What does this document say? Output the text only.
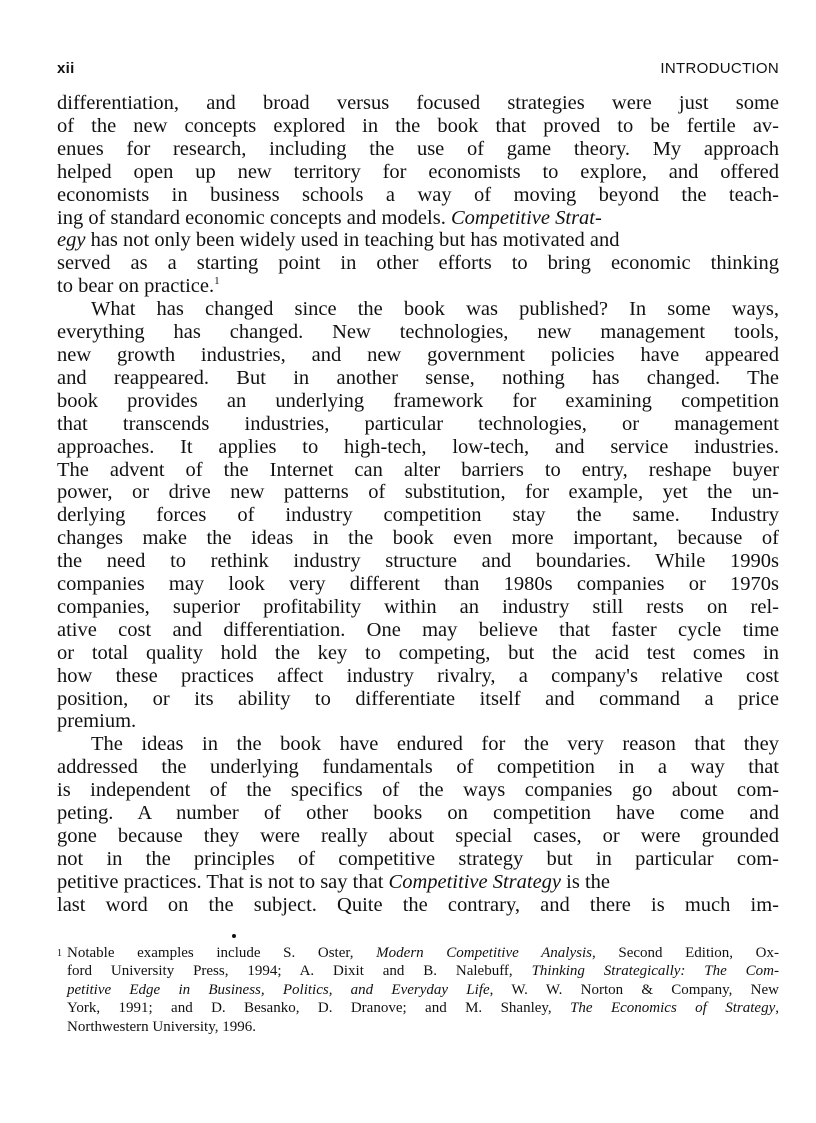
xii	INTRODUCTION
differentiation, and broad versus focused strategies were just some
of the new concepts explored in the book that proved to be fertile av-
enues for research, including the use of game theory. My approach
helped open up new territory for economists to explore, and offered
economists in business schools a way of moving beyond the teach-
ing of standard economic concepts and models. Competitive Strat-
egy has not only been widely used in teaching but has motivated and
served as a starting point in other efforts to bring economic thinking
to bear on practice.$^1$
What has changed since the book was published? In some ways,
everything has changed. New technologies, new management tools,
new growth industries, and new government policies have appeared
and reappeared. But in another sense, nothing has changed. The
book provides an underlying framework for examining competition
that transcends industries, particular technologies, or management
approaches. It applies to high-tech, low-tech, and service industries.
The advent of the Internet can alter barriers to entry, reshape buyer
power, or drive new patterns of substitution, for example, yet the un-
derlying forces of industry competition stay the same. Industry
changes make the ideas in the book even more important, because of
the need to rethink industry structure and boundaries. While 1990s
companies may look very different than 1980s companies or 1970s
companies, superior profitability within an industry still rests on rel-
ative cost and differentiation. One may believe that faster cycle time
or total quality hold the key to competing, but the acid test comes in
how these practices affect industry rivalry, a company's relative cost
position, or its ability to differentiate itself and command a price
premium.
The ideas in the book have endured for the very reason that they
addressed the underlying fundamentals of competition in a way that
is independent of the specifics of the ways companies go about com-
peting. A number of other books on competition have come and
gone because they were really about special cases, or were grounded
not in the principles of competitive strategy but in particular com-
petitive practices. That is not to say that Competitive Strategy is the
last word on the subject. Quite the contrary, and there is much im-
1 Notable examples include S. Oster, Modern Competitive Analysis, Second Edition, Ox-
ford University Press, 1994; A. Dixit and B. Nalebuff, Thinking Strategically: The Com-
petitive Edge in Business, Politics, and Everyday Life, W. W. Norton & Company, New
York, 1991; and D. Besanko, D. Dranove; and M. Shanley, The Economics of Strategy,
Northwestern University, 1996.
